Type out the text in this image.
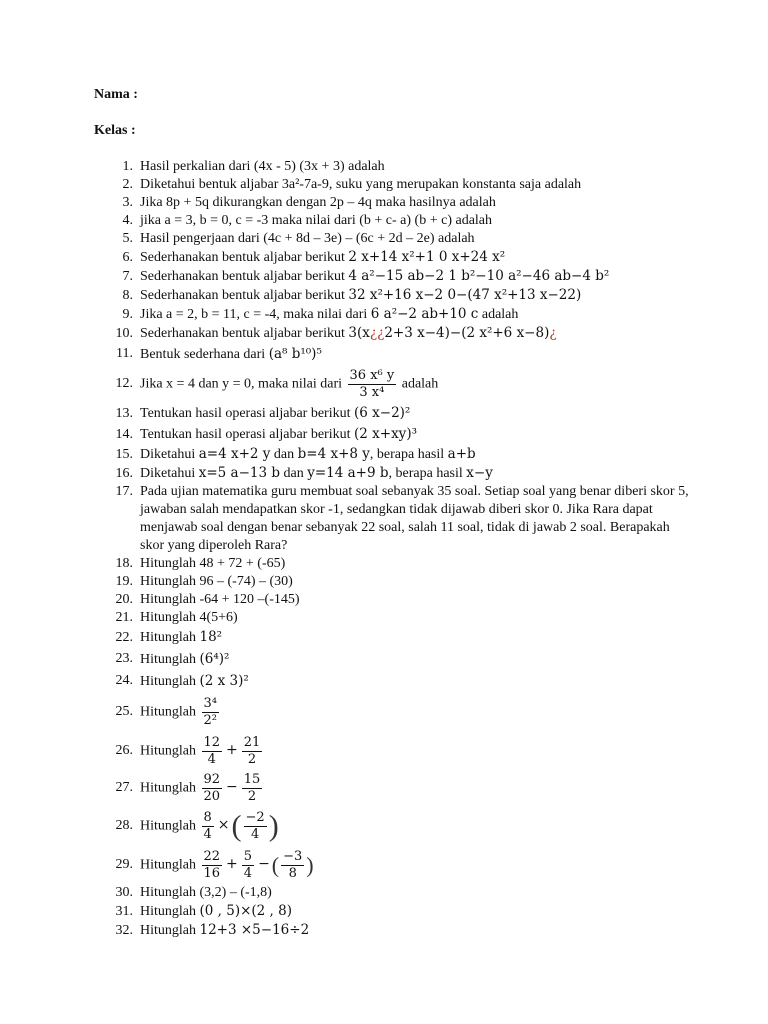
Nama :
Kelas :
1. Hasil perkalian dari (4x - 5) (3x + 3) adalah
2. Diketahui bentuk aljabar 3a²-7a-9, suku yang merupakan konstanta saja adalah
3. Jika 8p + 5q dikurangkan dengan 2p – 4q maka hasilnya adalah
4. jika a = 3, b = 0, c = -3 maka nilai dari (b + c- a) (b + c) adalah
5. Hasil pengerjaan dari (4c + 8d – 3e) – (6c + 2d – 2e) adalah
6. Sederhanakan bentuk aljabar berikut 2 x+14 x²+1 0 x+24 x²
7. Sederhanakan bentuk aljabar berikut 4 a²−15 ab−2 1 b²−10 a²−46 ab−4 b²
8. Sederhanakan bentuk aljabar berikut 32 x²+16 x−2 0−(47 x²+13 x−22)
9. Jika a = 2, b = 11, c = -4, maka nilai dari 6 a²−2 ab+10 c adalah
10. Sederhanakan bentuk aljabar berikut 3(x¿¿2+3 x−4)−(2 x²+6 x−8)¿
11. Bentuk sederhana dari (a⁸ b¹⁰)⁵
12. Jika x = 4 dan y = 0, maka nilai dari $\frac{\text{36 x⁶ y}}{\text{3 x⁴}}$ adalah
13. Tentukan hasil operasi aljabar berikut (6 x−2)²
14. Tentukan hasil operasi aljabar berikut (2 x+xy)³
15. Diketahui a=4 x+2 y dan b=4 x+8 y, berapa hasil a+b
16. Diketahui x=5 a−13 b dan y=14 a+9 b, berapa hasil x−y
17. Pada ujian matematika guru membuat soal sebanyak 35 soal. Setiap soal yang benar diberi skor 5, jawaban salah mendapatkan skor -1, sedangkan tidak dijawab diberi skor 0. Jika Rara dapat menjawab soal dengan benar sebanyak 22 soal, salah 11 soal, tidak di jawab 2 soal. Berapakah skor yang diperoleh Rara?
18. Hitunglah 48 + 72 + (-65)
19. Hitunglah 96 – (-74) – (30)
20. Hitunglah -64 + 120 –(-145)
21. Hitunglah 4(5+6)
22. Hitunglah 18²
23. Hitunglah (6⁴)²
24. Hitunglah (2 x 3)²
25. Hitunglah $\frac{\text{3⁴}}{\text{2²}}$
26. Hitunglah $\frac{12}{4} + \frac{21}{2}$
27. Hitunglah $\frac{92}{20} - \frac{15}{2}$
28. Hitunglah $\frac{8}{4}$ ×( $\frac{-2}{4}$ )
29. Hitunglah $\frac{22}{16} + \frac{5}{4}$ −( $\frac{-3}{8}$ )
30. Hitunglah (3,2) – (-1,8)
31. Hitunglah (0 , 5)×(2 , 8)
32. Hitunglah 12+3 ×5−16÷2
